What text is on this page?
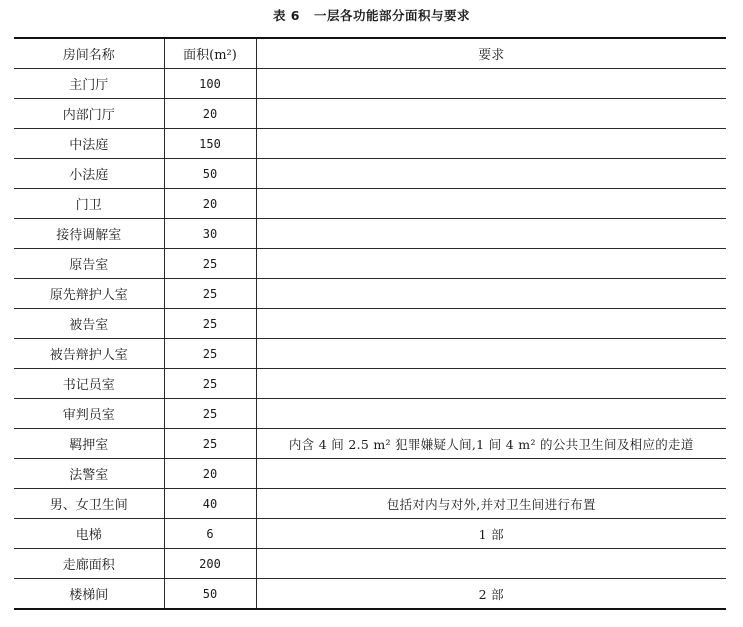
表 6 一层各功能部分面积与要求
房间名称	面积(m²)	要求
主门厅	100	
内部门厅	20	
中法庭	150	
小法庭	50	
门卫	20	
接待调解室	30	
原告室	25	
原先辩护人室	25	
被告室	25	
被告辩护人室	25	
书记员室	25	
审判员室	25	
羁押室	25	内含 4 间 2.5 m² 犯罪嫌疑人间,1 间 4 m² 的公共卫生间及相应的走道
法警室	20	
男、女卫生间	40	包括对内与对外,并对卫生间进行布置
电梯	6	1 部
走廊面积	200	
楼梯间	50	2 部
